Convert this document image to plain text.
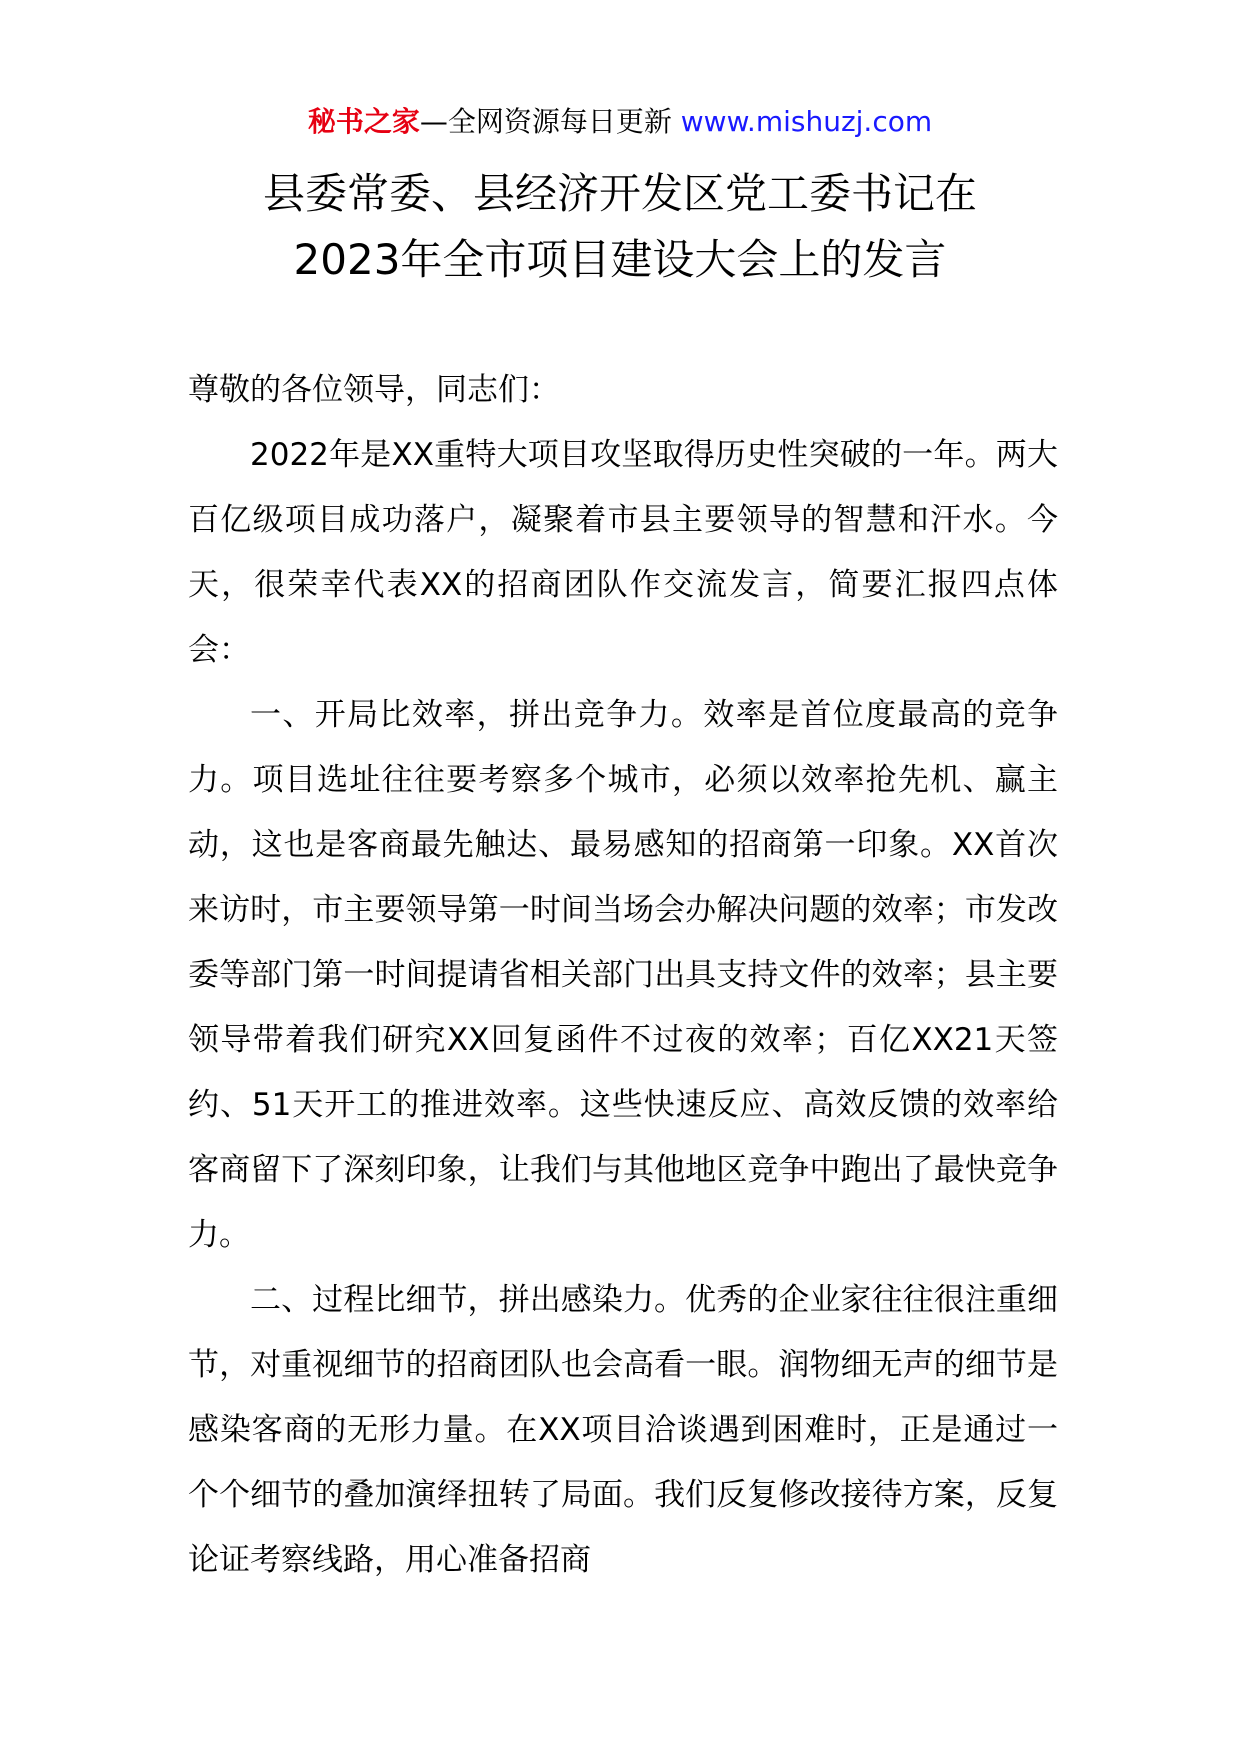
秘书之家—全网资源每日更新 www.mishuzj.com
县委常委、县经济开发区党工委书记在
2023年全市项目建设大会上的发言

尊敬的各位领导，同志们：

2022年是XX重特大项目攻坚取得历史性突破的一年。两大百亿级项目成功落户，凝聚着市县主要领导的智慧和汗水。今天，很荣幸代表XX的招商团队作交流发言，简要汇报四点体会：

一、开局比效率，拼出竞争力。效率是首位度最高的竞争力。项目选址往往要考察多个城市，必须以效率抢先机、赢主动，这也是客商最先触达、最易感知的招商第一印象。XX首次来访时，市主要领导第一时间当场会办解决问题的效率；市发改委等部门第一时间提请省相关部门出具支持文件的效率；县主要领导带着我们研究XX回复函件不过夜的效率；百亿XX21天签约、51天开工的推进效率。这些快速反应、高效反馈的效率给客商留下了深刻印象，让我们与其他地区竞争中跑出了最快竞争力。

二、过程比细节，拼出感染力。优秀的企业家往往很注重细节，对重视细节的招商团队也会高看一眼。润物细无声的细节是感染客商的无形力量。在XX项目洽谈遇到困难时，正是通过一个个细节的叠加演绎扭转了局面。我们反复修改接待方案，反复论证考察线路，用心准备招商
